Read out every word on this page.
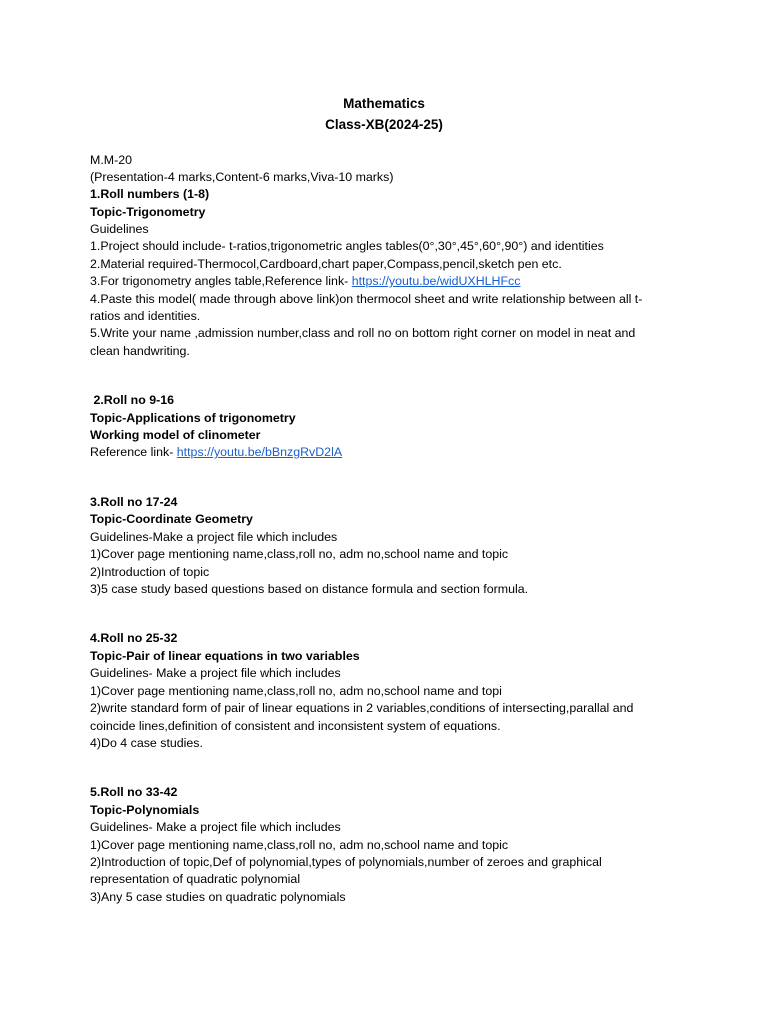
Mathematics
Class-XB(2024-25)
M.M-20
(Presentation-4 marks,Content-6 marks,Viva-10 marks)
1.Roll numbers (1-8)
Topic-Trigonometry
Guidelines
1.Project should include- t-ratios,trigonometric angles tables(0°,30°,45°,60°,90°) and identities
2.Material required-Thermocol,Cardboard,chart paper,Compass,pencil,sketch pen etc.
3.For trigonometry angles table,Reference link- https://youtu.be/widUXHLHFcc
4.Paste this model( made through above link)on thermocol sheet and write relationship between all t-
ratios and identities.
5.Write your name ,admission number,class and roll no on bottom right corner on model in neat and
clean handwriting.
2.Roll no 9-16
Topic-Applications of trigonometry
Working model of clinometer
Reference link- https://youtu.be/bBnzgRvD2lA
3.Roll no 17-24
Topic-Coordinate Geometry
Guidelines-Make a project file which includes
1)Cover page mentioning name,class,roll no, adm no,school name and topic
2)Introduction of topic
3)5 case study based questions based on distance formula and section formula.
4.Roll no 25-32
Topic-Pair of linear equations in two variables
Guidelines- Make a project file which includes
1)Cover page mentioning name,class,roll no, adm no,school name and topi
2)write standard form of pair of linear equations in 2 variables,conditions of intersecting,parallal and
coincide lines,definition of consistent and inconsistent system of equations.
4)Do 4 case studies.
5.Roll no 33-42
Topic-Polynomials
Guidelines- Make a project file which includes
1)Cover page mentioning name,class,roll no, adm no,school name and topic
2)Introduction of topic,Def of polynomial,types of polynomials,number of zeroes and graphical
representation of quadratic polynomial
3)Any 5 case studies on quadratic polynomials
